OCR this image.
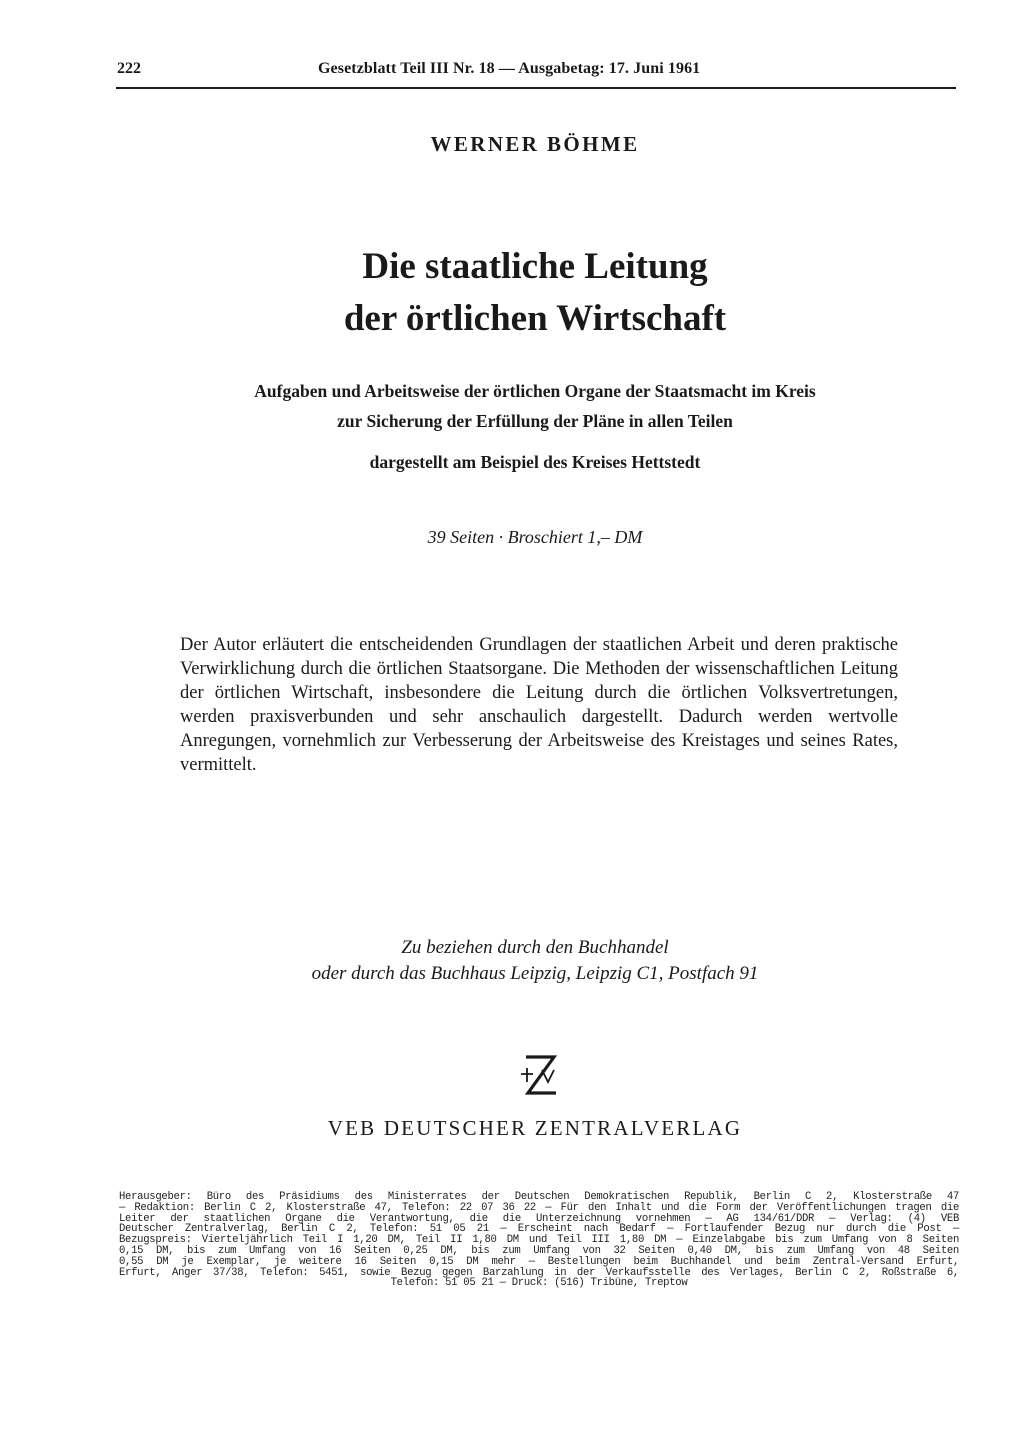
222	Gesetzblatt Teil III Nr. 18 — Ausgabetag: 17. Juni 1961
WERNER BÖHME
Die staatliche Leitung
der örtlichen Wirtschaft
Aufgaben und Arbeitsweise der örtlichen Organe der Staatsmacht im Kreis
zur Sicherung der Erfüllung der Pläne in allen Teilen
dargestellt am Beispiel des Kreises Hettstedt
39 Seiten · Broschiert 1,– DM
Der Autor erläutert die entscheidenden Grundlagen der staatlichen Arbeit und deren praktische Verwirklichung durch die örtlichen Staatsorgane. Die Methoden der wissenschaftlichen Leitung der örtlichen Wirtschaft, insbesondere die Leitung durch die örtlichen Volksvertretungen, werden praxisverbunden und sehr anschaulich dargestellt. Dadurch werden wertvolle Anregungen, vornehmlich zur Verbesserung der Arbeitsweise des Kreistages und seines Rates, vermittelt.
Zu beziehen durch den Buchhandel
oder durch das Buchhaus Leipzig, Leipzig C1, Postfach 91
VEB DEUTSCHER ZENTRALVERLAG
Herausgeber: Büro des Präsidiums des Ministerrates der Deutschen Demokratischen Republik, Berlin C 2, Klosterstraße 47
— Redaktion: Berlin C 2, Klosterstraße 47, Telefon: 22 07 36 22 — Für den Inhalt und die Form der Veröffentlichungen tragen die
Leiter der staatlichen Organe die Verantwortung, die die Unterzeichnung vornehmen — AG 134/61/DDR — Verlag: (4) VEB
Deutscher Zentralverlag, Berlin C 2, Telefon: 51 05 21 — Erscheint nach Bedarf — Fortlaufender Bezug nur durch die Post —
Bezugspreis: Vierteljährlich Teil I 1,20 DM, Teil II 1,80 DM und Teil III 1,80 DM — Einzelabgabe bis zum Umfang von 8 Seiten
0,15 DM, bis zum Umfang von 16 Seiten 0,25 DM, bis zum Umfang von 32 Seiten 0,40 DM, bis zum Umfang von 48 Seiten
0,55 DM je Exemplar, je weitere 16 Seiten 0,15 DM mehr — Bestellungen beim Buchhandel und beim Zentral-Versand Erfurt,
Erfurt, Anger 37/38, Telefon: 5451, sowie Bezug gegen Barzahlung in der Verkaufsstelle des Verlages, Berlin C 2, Roßstraße 6,
Telefon: 51 05 21 — Druck: (516) Tribüne, Treptow
